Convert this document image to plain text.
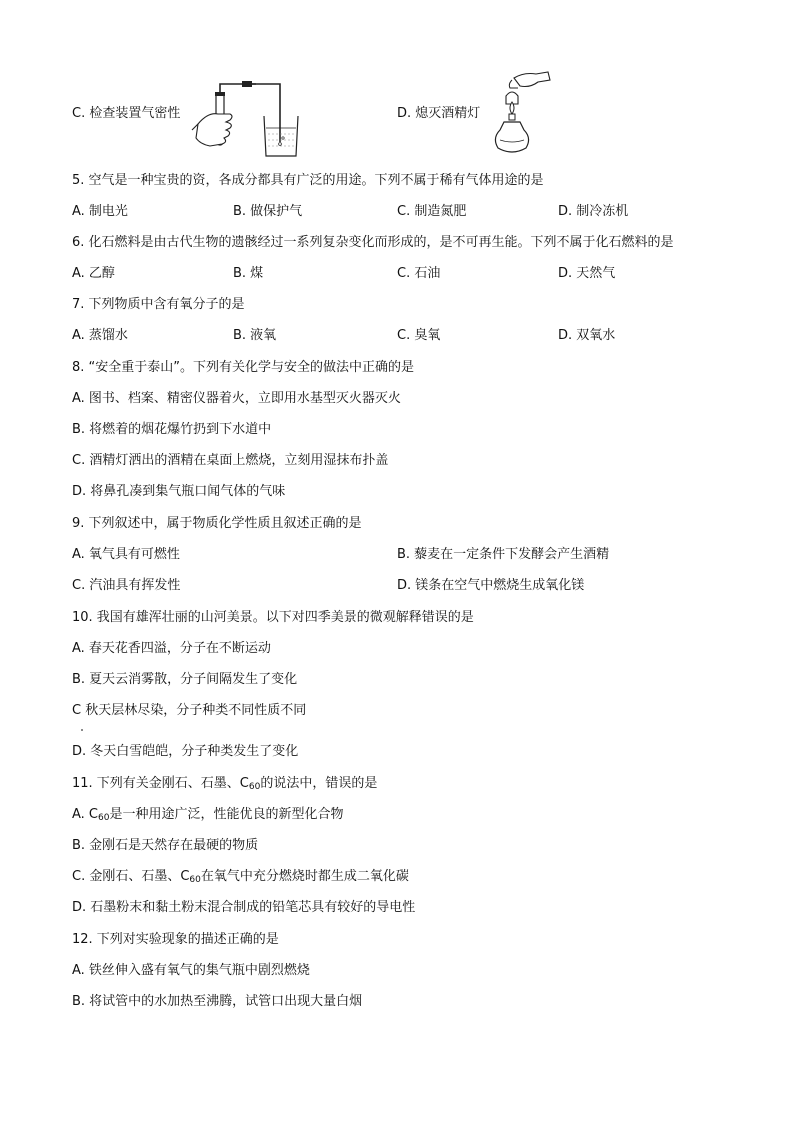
C. 检查装置气密性	D. 熄灭酒精灯
5. 空气是一种宝贵的资，各成分都具有广泛的用途。下列不属于稀有气体用途的是
A. 制电光	B. 做保护气	C. 制造氮肥	D. 制冷冻机
6. 化石燃料是由古代生物的遗骸经过一系列复杂变化而形成的，是不可再生能。下列不属于化石燃料的是
A. 乙醇	B. 煤	C. 石油	D. 天然气
7. 下列物质中含有氧分子的是
A. 蒸馏水	B. 液氧	C. 臭氧	D. 双氧水
8. “安全重于泰山”。下列有关化学与安全的做法中正确的是
A. 图书、档案、精密仪器着火，立即用水基型灭火器灭火
B. 将燃着的烟花爆竹扔到下水道中
C. 酒精灯洒出的酒精在桌面上燃烧，立刻用湿抹布扑盖
D. 将鼻孔凑到集气瓶口闻气体的气味
9. 下列叙述中，属于物质化学性质且叙述正确的是
A. 氧气具有可燃性	B. 藜麦在一定条件下发酵会产生酒精
C. 汽油具有挥发性	D. 镁条在空气中燃烧生成氧化镁
10. 我国有雄浑壮丽的山河美景。以下对四季美景的微观解释错误的是
A. 春天花香四溢，分子在不断运动
B. 夏天云消雾散，分子间隔发生了变化
C 秋天层林尽染，分子种类不同性质不同
D. 冬天白雪皑皑，分子种类发生了变化
11. 下列有关金刚石、石墨、$C_{60}$的说法中，错误的是
A. $C_{60}$是一种用途广泛，性能优良的新型化合物
B. 金刚石是天然存在最硬的物质
C. 金刚石、石墨、$C_{60}$在氧气中充分燃烧时都生成二氧化碳
D. 石墨粉末和黏土粉末混合制成的铅笔芯具有较好的导电性
12. 下列对实验现象的描述正确的是
A. 铁丝伸入盛有氧气的集气瓶中剧烈燃烧
B. 将试管中的水加热至沸腾，试管口出现大量白烟
